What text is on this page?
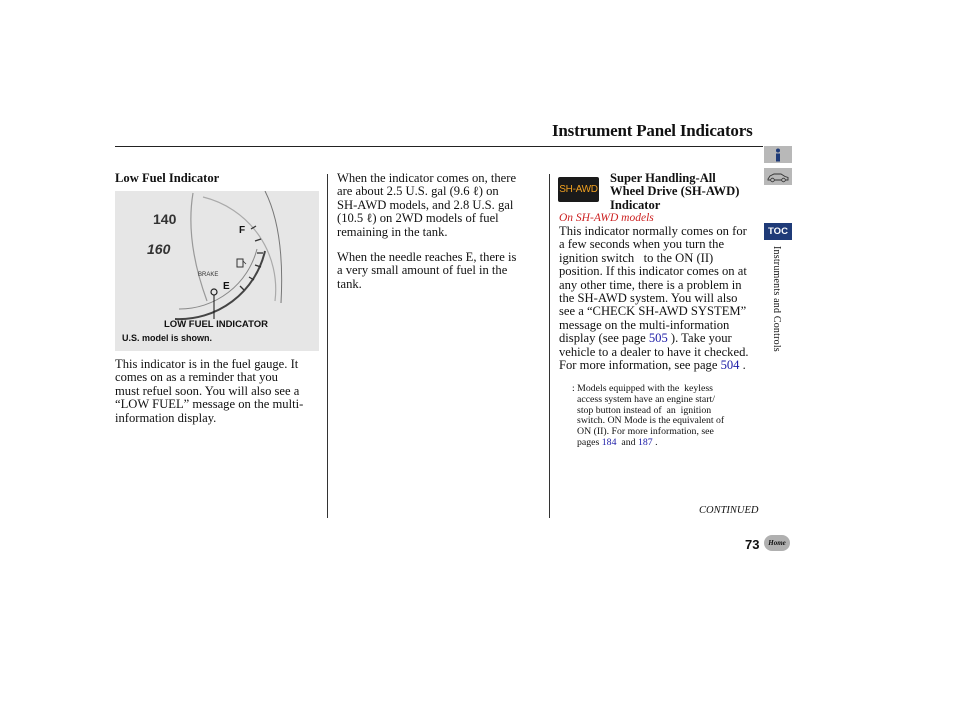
Instrument Panel Indicators
TOC
Instruments and Controls
Low Fuel Indicator
140
160
F
E
BRAKE
LOW FUEL INDICATOR
U.S. model is shown.
This indicator is in the fuel gauge. It
comes on as a reminder that you
must refuel soon. You will also see a
“LOW FUEL” message on the multi-
information display.
When the indicator comes on, there
are about 2.5 U.S. gal (9.6 ℓ) on
SH-AWD models, and 2.8 U.S. gal
(10.5 ℓ) on 2WD models of fuel
remaining in the tank.
When the needle reaches E, there is
a very small amount of fuel in the
tank.
SH-AWD
Super Handling-All
Wheel Drive (SH-AWD)
Indicator
On SH-AWD models
This indicator normally comes on for
a few seconds when you turn the
ignition switch   to the ON (II)
position. If this indicator comes on at
any other time, there is a problem in
the SH-AWD system. You will also
see a “CHECK SH-AWD SYSTEM”
message on the multi-information
display (see page 505 ). Take your
vehicle to a dealer to have it checked.
For more information, see page 504 .
: Models equipped with the  keyless
access system have an engine start/
stop button instead of  an  ignition
switch. ON Mode is the equivalent of
ON (II). For more information, see
pages 184  and 187 .
CONTINUED
73 Home
